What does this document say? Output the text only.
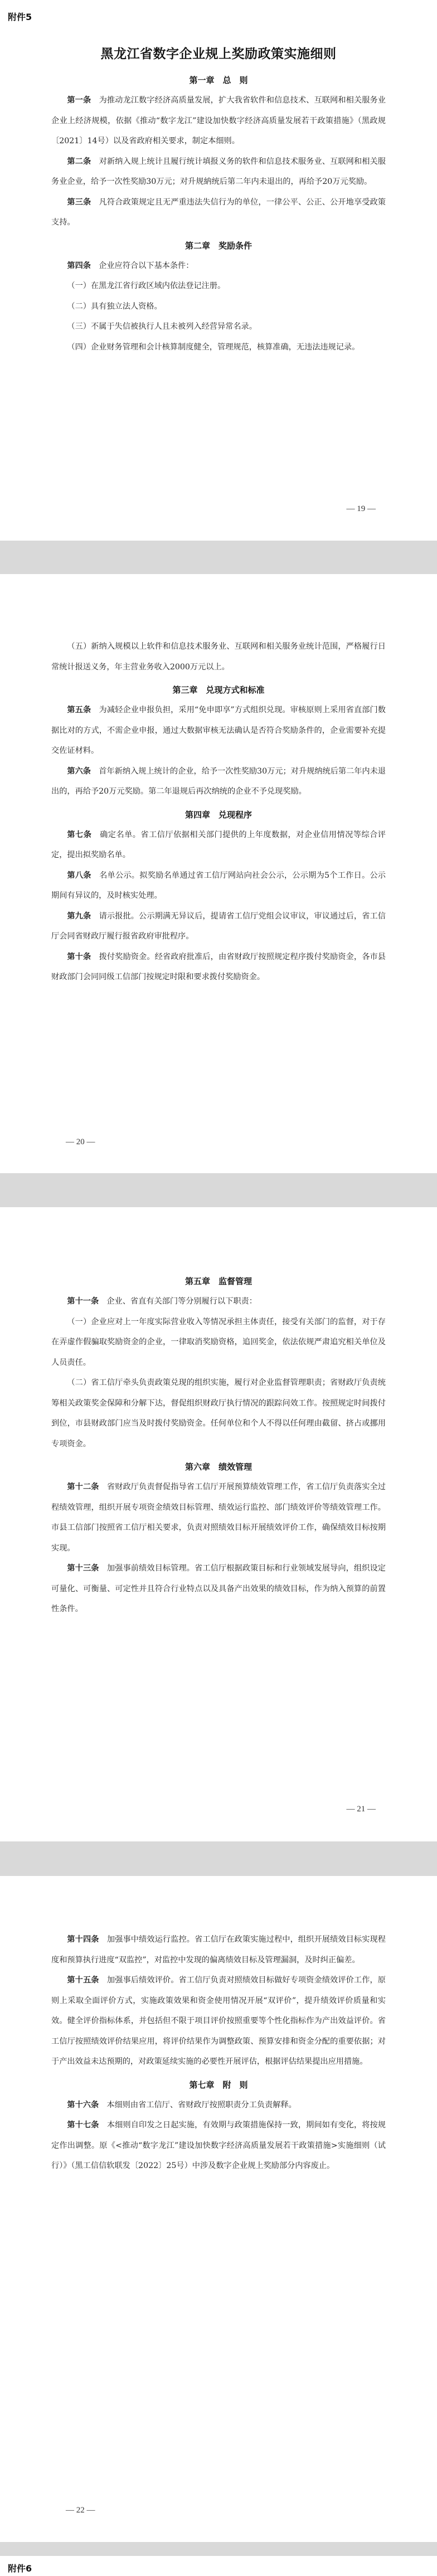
附件5
黑龙江省数字企业规上奖励政策实施细则
第一章　总　则

第一条　 为推动龙江数字经济高质量发展，扩大我省软件和信息技术、互联网和相关服务业企业上经济规模，依据《推动“数字龙江”建设加快数字经济高质量发展若干政策措施》（黑政规〔2021〕14号）以及省政府相关要求，制定本细则。

第二条　 对新纳入规上统计且履行统计填报义务的软件和信息技术服务业、互联网和相关服务业企业，给予一次性奖励30万元；对升规納统后第二年内未退出的，再给予20万元奖励。

第三条　 凡符合政策规定且无严重违法失信行为的单位，一律公平、公正、公开地享受政策支持。

第二章　奖励条件

第四条　 企业应符合以下基本条件：

（一）在黑龙江省行政区域内依法登记注册。

（二）具有独立法人资格。

（三）不属于失信被执行人且未被列入经营异常名录。

（四）企业财务管理和会计核算制度健全，管理规范，核算准确，无违法违规记录。

— 19 —

（五）新纳入规模以上软件和信息技术服务业、互联网和相关服务业统计范围，严格履行日常统计报送义务，年主营业务收入2000万元以上。

第三章　兑现方式和标准

第五条　 为减轻企业申报负担，采用“免申即享”方式组织兑现。审核原则上采用省直部门数据比对的方式，不需企业申报，通过大数据审核无法确认是否符合奖励条件的，企业需要补充提交佐证材料。

第六条　 首年新纳入规上统计的企业，给予一次性奖励30万元；对升规纳统后第二年内未退出的，再给予20万元奖励。第二年退规后再次纳统的企业不予兑现奖励。

第四章　兑现程序

第七条　 确定名单。省工信厅依据相关部门提供的上年度数据，对企业信用情况等综合评定，提出拟奖励名单。

第八条　 名单公示。拟奖励名单通过省工信厅网站向社会公示，公示期为5个工作日。公示期间有异议的，及时核实处理。

第九条　 请示报批。公示期满无异议后，提请省工信厅党组会议审议，审议通过后，省工信厅会同省财政厅履行报省政府审批程序。

第十条　 拨付奖励资金。经省政府批准后，由省财政厅按照规定程序拨付奖励资金，各市县财政部门会同同级工信部门按规定时限和要求拨付奖励资金。

— 20 —
第五章　监督管理

第十一条　 企业、省直有关部门等分别履行以下职责：

（一）企业应对上一年度实际营业收入等情况承担主体责任，接受有关部门的监督，对于存在弄虚作假骗取奖励资金的企业，一律取消奖励资格，追回奖金，依法依规严肃追究相关单位及人员责任。

（二）省工信厅牵头负责政策兑现的组织实施，履行对企业监督管理职责；省财政厅负责统筹相关政策奖金保障和分解下达，督促组织财政厅执行情况的跟踪问效工作。按照规定时间拨付到位，市县财政部门应当及时拨付奖励资金。任何单位和个人不得以任何理由截留、挤占或挪用专项资金。

第六章　绩效管理

第十二条　 省财政厅负责督促指导省工信厅开展预算绩效管理工作，省工信厅负责落实全过程绩效管理，组织开展专项资金绩效目标管理、绩效运行监控、部门绩效评价等绩效管理工作。市县工信部门按照省工信厅相关要求，负责对照绩效目标开展绩效评价工作，确保绩效目标按期实现。

第十三条　 加强事前绩效目标管理。省工信厅根据政策目标和行业领域发展导向，组织设定可量化、可衡量、可定性并且符合行业特点以及具备产出效果的绩效目标，作为纳入预算的前置性条件。

— 21 —

第十四条　 加强事中绩效运行监控。省工信厅在政策实施过程中，组织开展绩效目标实现程度和预算执行进度“双监控”，对监控中发现的偏离绩效目标及管理漏洞，及时纠正偏差。

第十五条　 加强事后绩效评价。省工信厅负责对照绩效目标做好专项资金绩效评价工作，原则上采取全面评价方式，实施政策效果和资金使用情况开展“双评价”，提升绩效评价质量和实效。健全评价指标体系，并包括但不限于项目评价按照重要等个性化指标作为产出效益评价。省工信厅按照绩效评价结果应用，将评价结果作为调整政策、预算安排和资金分配的重要依据；对于产出效益未达预期的，对政策延续实施的必要性开展评估，根据评估结果提出应用措施。

第七章　附　则

第十六条　 本细则由省工信厅、省财政厅按照职责分工负责解释。

第十七条　 本细则自印发之日起实施，有效期与政策措施保持一致，期间如有变化，将按规定作出调整。原《<推动“数字龙江”建设加快数字经济高质量发展若干政策措施>实施细则（试行）》（黑工信信软联发〔2022〕25号）中涉及数字企业规上奖励部分内容废止。

— 22 —
附件6
